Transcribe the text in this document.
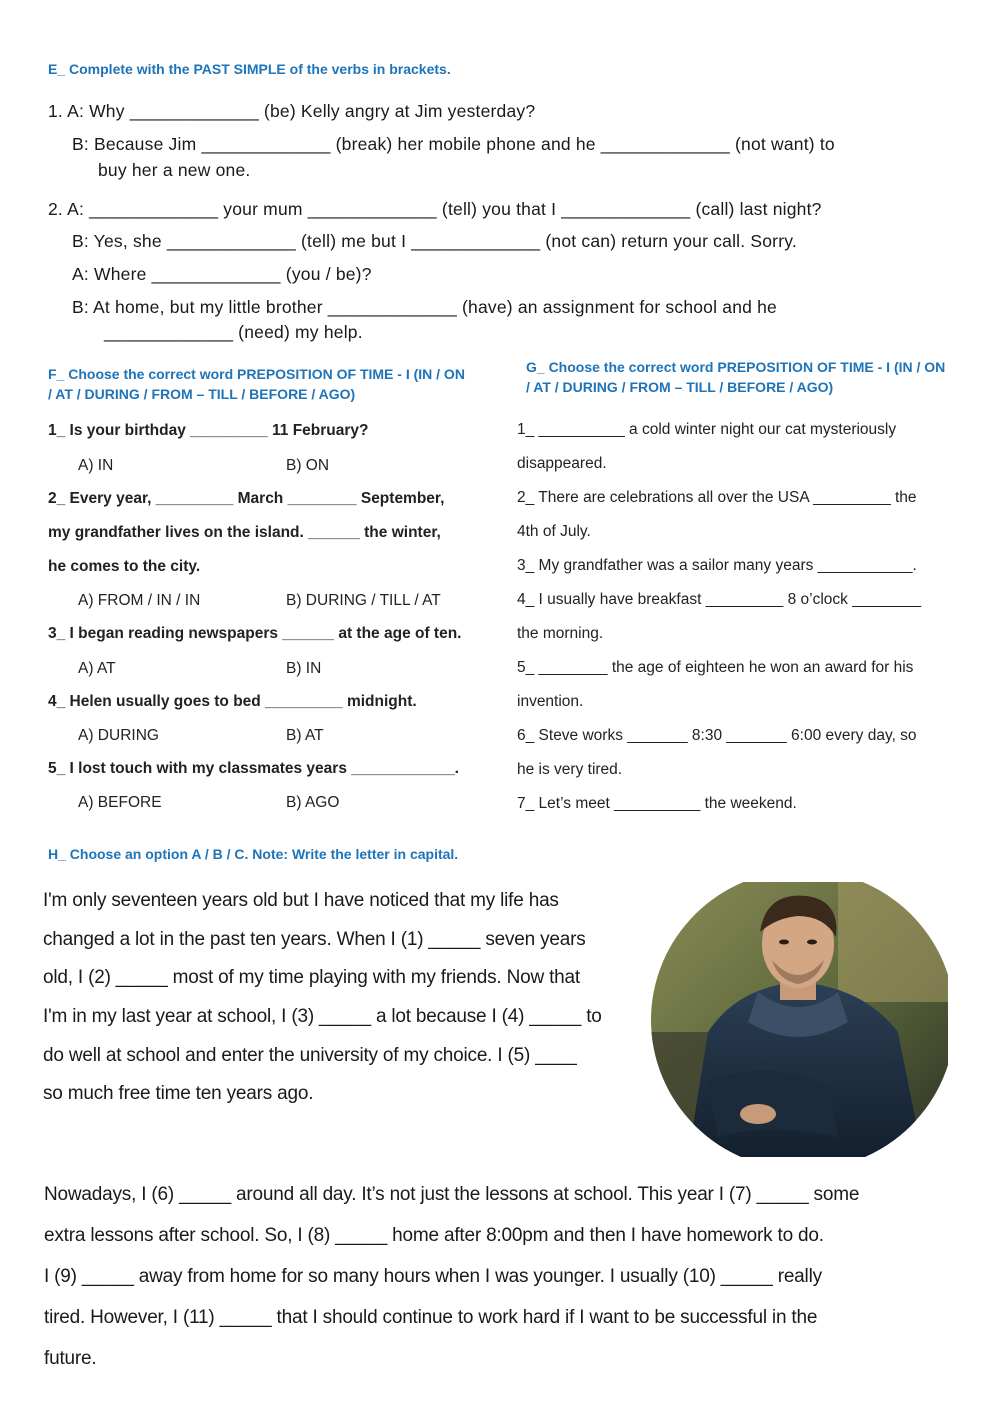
E_ Complete with the PAST SIMPLE of the verbs in brackets.
1. A: Why _____________ (be) Kelly angry at Jim yesterday?
B: Because Jim _____________ (break) her mobile phone and he _____________ (not want) to
buy her a new one.
2. A: _____________ your mum _____________ (tell) you that I _____________ (call) last night?
B: Yes, she _____________ (tell) me but I _____________ (not can) return your call. Sorry.
A: Where _____________ (you / be)?
B: At home, but my little brother _____________ (have) an assignment for school and he
_____________ (need) my help.
F_ Choose the correct word PREPOSITION OF TIME - I (IN / ON
/ AT / DURING / FROM – TILL / BEFORE / AGO)
G_ Choose the correct word PREPOSITION OF TIME - I (IN / ON
/ AT / DURING / FROM – TILL / BEFORE / AGO)
1_ Is your birthday _________ 11 February?
A) IN	B) ON
2_ Every year, _________ March ________ September,
my grandfather lives on the island. ______ the winter,
he comes to the city.
A) FROM / IN / IN	B) DURING / TILL / AT
3_ I began reading newspapers ______ at the age of ten.
A) AT	B) IN
4_ Helen usually goes to bed _________ midnight.
A) DURING	B) AT
5_ I lost touch with my classmates years ____________.
A) BEFORE	B) AGO
1_ __________ a cold winter night our cat mysteriously
disappeared.
2_ There are celebrations all over the USA _________ the
4th of July.
3_ My grandfather was a sailor many years ___________.
4_ I usually have breakfast _________ 8 o’clock ________
the morning.
5_ ________ the age of eighteen he won an award for his
invention.
6_ Steve works _______ 8:30 _______ 6:00 every day, so
he is very tired.
7_ Let’s meet __________ the weekend.
H_ Choose an option A / B / C. Note: Write the letter in capital.
I'm only seventeen years old but I have noticed that my life has
changed a lot in the past ten years. When I (1) _____ seven years
old, I (2) _____ most of my time playing with my friends. Now that
I'm in my last year at school, I (3) _____ a lot because I (4) _____ to
do well at school and enter the university of my choice. I (5) ____
so much free time ten years ago.
Nowadays, I (6) _____ around all day. It’s not just the lessons at school. This year I (7) _____ some
extra lessons after school. So, I (8) _____ home after 8:00pm and then I have homework to do.
I (9) _____ away from home for so many hours when I was younger. I usually (10) _____ really
tired. However, I (11) _____ that I should continue to work hard if I want to be successful in the
future.
